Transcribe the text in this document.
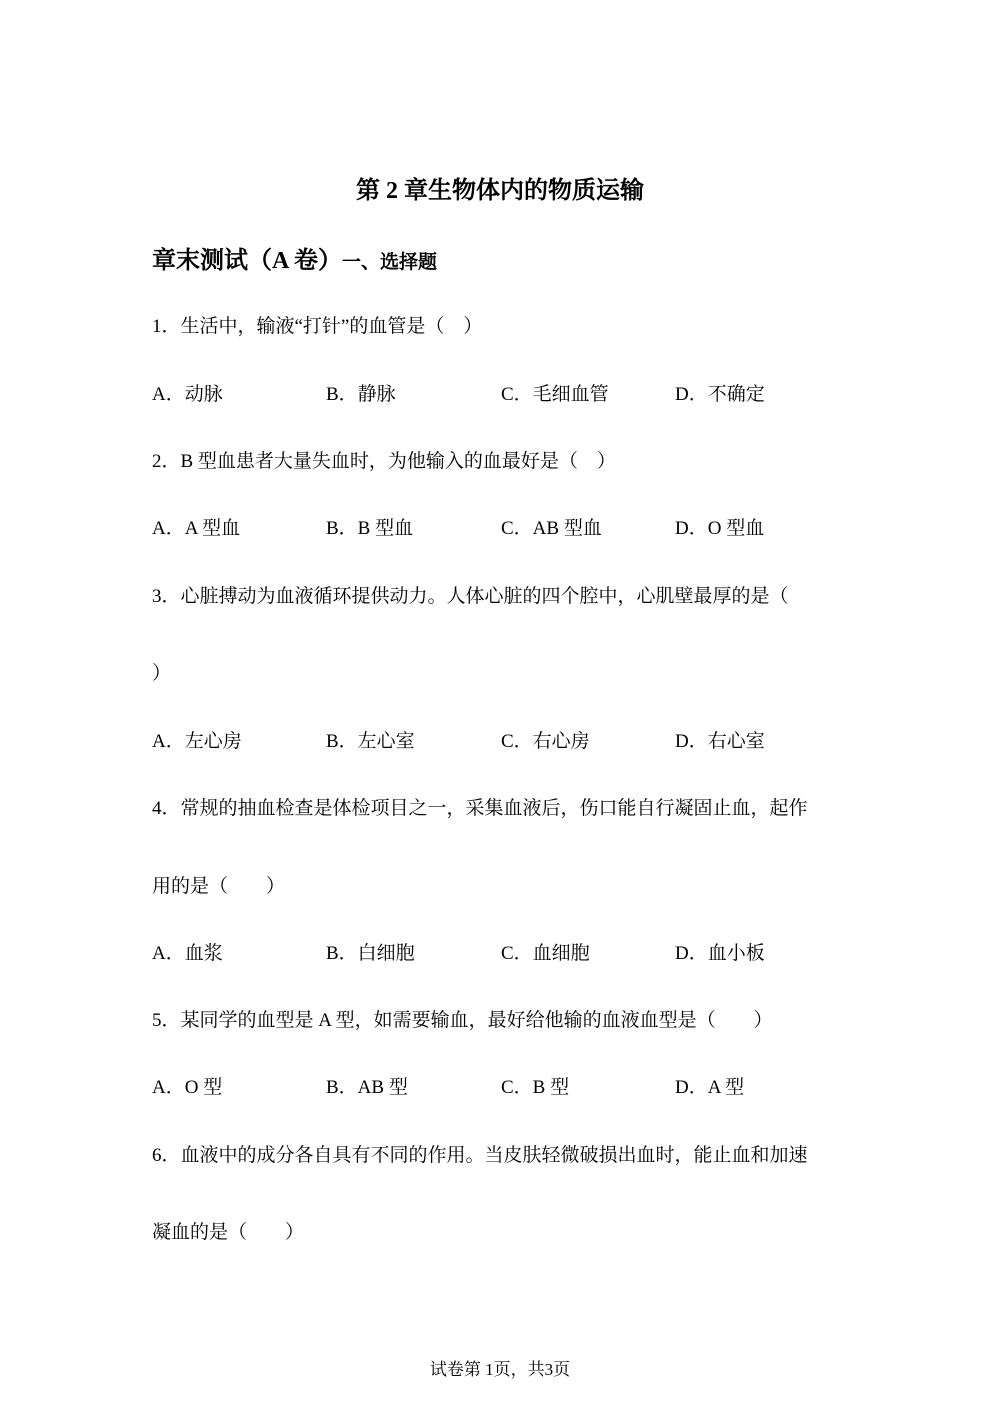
第 2 章生物体内的物质运输
章末测试（A 卷）一、选择题
1．生活中，输液“打针”的血管是（　）
A．动脉	B．静脉	C．毛细血管	D．不确定
2．B 型血患者大量失血时，为他输入的血最好是（　）
A．A 型血	B．B 型血	C．AB 型血	D．O 型血
3．心脏搏动为血液循环提供动力。人体心脏的四个腔中，心肌壁最厚的是（
）
A．左心房	B．左心室	C．右心房	D．右心室
4．常规的抽血检查是体检项目之一，采集血液后，伤口能自行凝固止血，起作
用的是（　　）
A．血浆	B．白细胞	C．血细胞	D．血小板
5．某同学的血型是 A 型，如需要输血，最好给他输的血液血型是（　　）
A．O 型	B．AB 型	C．B 型	D．A 型
6．血液中的成分各自具有不同的作用。当皮肤轻微破损出血时，能止血和加速
凝血的是（　　）
试卷第 1页，共3页
